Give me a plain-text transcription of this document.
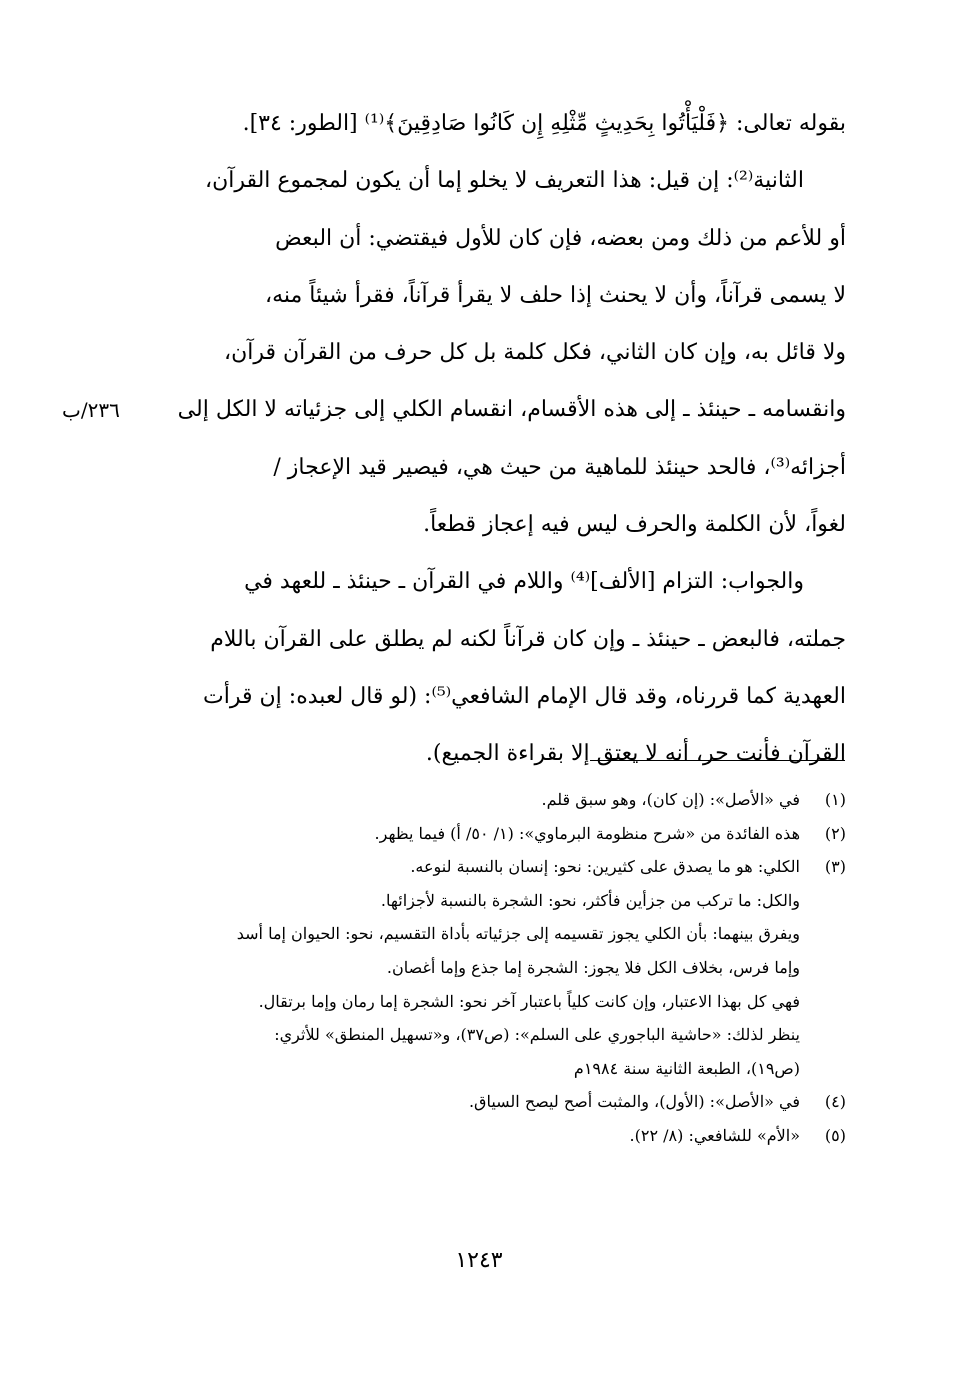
بقوله تعالى: ﴿فَلْيَأْتُوا بِحَدِيثٍ مِّثْلِهِ إِن كَانُوا صَادِقِينَ﴾⁽¹⁾ [الطور: ٣٤].

الثانية⁽²⁾: إن قيل: هذا التعريف لا يخلو إما أن يكون لمجموع القرآن،

أو للأعم من ذلك ومن بعضه، فإن كان للأول فيقتضي: أن البعض

لا يسمى قرآناً، وأن لا يحنث إذا حلف لا يقرأ قرآناً، فقرأ شيئاً منه،

ولا قائل به، وإن كان الثاني، فكل كلمة بل كل حرف من القرآن قرآن،

وانقسامه ـ حينئذ ـ إلى هذه الأقسام، انقسام الكلي إلى جزئياته لا الكل إلى

أجزائه⁽³⁾، فالحد حينئذ للماهية من حيث هي، فيصير قيد الإعجاز /

لغواً، لأن الكلمة والحرف ليس فيه إعجاز قطعاً.

والجواب: التزام [الألف]⁽⁴⁾ واللام في القرآن ـ حينئذ ـ للعهد في

جملته، فالبعض ـ حينئذ ـ وإن كان قرآناً لكنه لم يطلق على القرآن باللام

العهدية كما قررناه، وقد قال الإمام الشافعي⁽⁵⁾: (لو قال لعبده: إن قرأت

القرآن فأنت حر، أنه لا يعتق إلا بقراءة الجميع).

٢٣٦/ب
(١)
في «الأصل»: (إن كان)، وهو سبق قلم.
(٢)
هذه الفائدة من «شرح منظومة البرماوي»: (١/ ٥٠/ أ) فيما يظهر.
(٣)
الكلي: هو ما يصدق على كثيرين: نحو: إنسان بالنسبة لنوعه.
والكل: ما تركب من جزأين فأكثر، نحو: الشجرة بالنسبة لأجزائها.
ويفرق بينهما: بأن الكلي يجوز تقسيمه إلى جزئياته بأداة التقسيم، نحو: الحيوان إما أسد
وإما فرس، بخلاف الكل فلا يجوز: الشجرة إما جذع وإما أغصان.
فهي كل بهذا الاعتبار، وإن كانت كلياً باعتبار آخر نحو: الشجرة إما رمان وإما برتقال.
ينظر لذلك: «حاشية الباجوري على السلم»: (ص٣٧)، و«تسهيل المنطق» للأثري:
(ص١٩)، الطبعة الثانية سنة ١٩٨٤م
(٤)
في «الأصل»: (الأول)، والمثبت أصح ليصح السياق.
(٥)
«الأم» للشافعي: (٨/ ٢٢).
١٢٤٣
